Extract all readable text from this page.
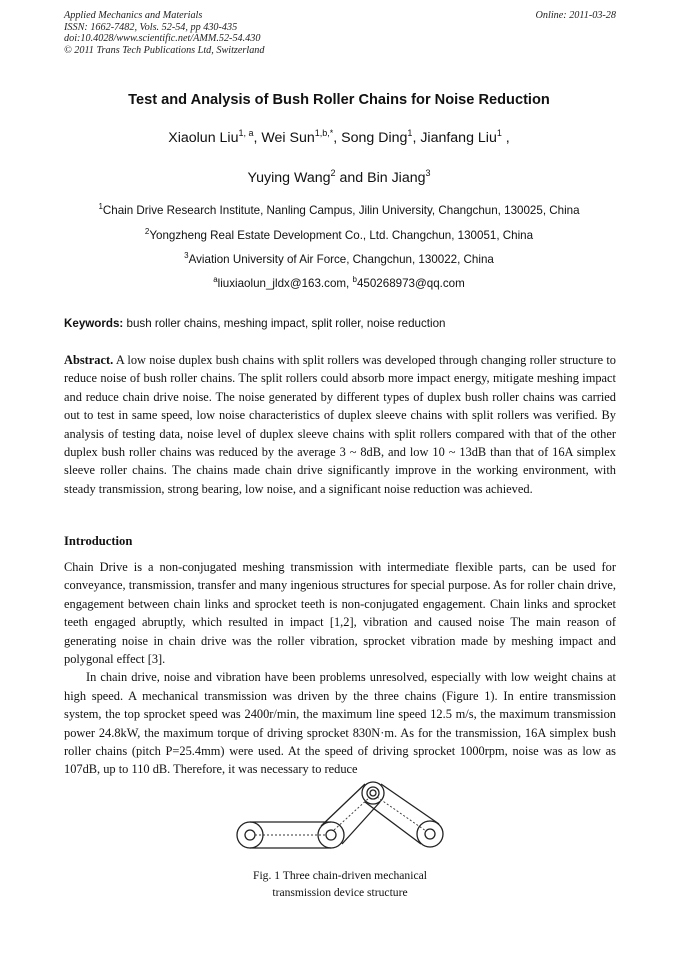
Applied Mechanics and Materials
ISSN: 1662-7482, Vols. 52-54, pp 430-435
doi:10.4028/www.scientific.net/AMM.52-54.430
© 2011 Trans Tech Publications Ltd, Switzerland
Online: 2011-03-28
Test and Analysis of Bush Roller Chains for Noise Reduction
Xiaolun Liu$^{1, a}$, Wei Sun$^{1,b,*}$, Song Ding$^1$, Jianfang Liu$^1$ ,
Yuying Wang$^2$ and Bin Jiang$^3$
$^1$Chain Drive Research Institute, Nanling Campus, Jilin University, Changchun, 130025, China
$^2$Yongzheng Real Estate Development Co., Ltd. Changchun, 130051, China
$^3$Aviation University of Air Force, Changchun, 130022, China
$^a$liuxiaolun_jldx@163.com, $^b$450268973@qq.com
Keywords: bush roller chains, meshing impact, split roller, noise reduction

Abstract. A low noise duplex bush chains with split rollers was developed through changing roller structure to reduce noise of bush roller chains. The split rollers could absorb more impact energy, mitigate meshing impact and reduce chain drive noise. The noise generated by different types of duplex bush roller chains was carried out to test in same speed, low noise characteristics of duplex sleeve chains with split rollers was verified. By analysis of testing data, noise level of duplex sleeve chains with split rollers compared with that of the other duplex bush roller chains was reduced by the average 3 ~ 8dB, and low 10 ~ 13dB than that of 16A simplex sleeve roller chains. The chains made chain drive significantly improve in the working environment, with steady transmission, strong bearing, low noise, and a significant noise reduction was achieved.

Introduction

Chain Drive is a non-conjugated meshing transmission with intermediate flexible parts, can be used for conveyance, transmission, transfer and many ingenious structures for special purpose. As for roller chain drive, engagement between chain links and sprocket teeth is non-conjugated engagement. Chain links and sprocket teeth engaged abruptly, which resulted in impact [1,2], vibration and caused noise The main reason of generating noise in chain drive was the roller vibration, sprocket vibration made by meshing impact and polygonal effect [3].

In chain drive, noise and vibration have been problems unresolved, especially with low weight chains at high speed. A mechanical transmission was driven by the three chains (Figure 1). In entire transmission system, the top sprocket speed was 2400r/min, the maximum line speed 12.5 m/s, the maximum transmission power 24.8kW, the maximum torque of driving sprocket 830N·m. As for the transmission, 16A simplex bush roller chains (pitch P=25.4mm) were used. At the speed of driving sprocket 1000rpm, noise was as low as 107dB, up to 110 dB. Therefore, it was necessary to reduce

Fig. 1 Three chain-driven mechanical
transmission device structure
